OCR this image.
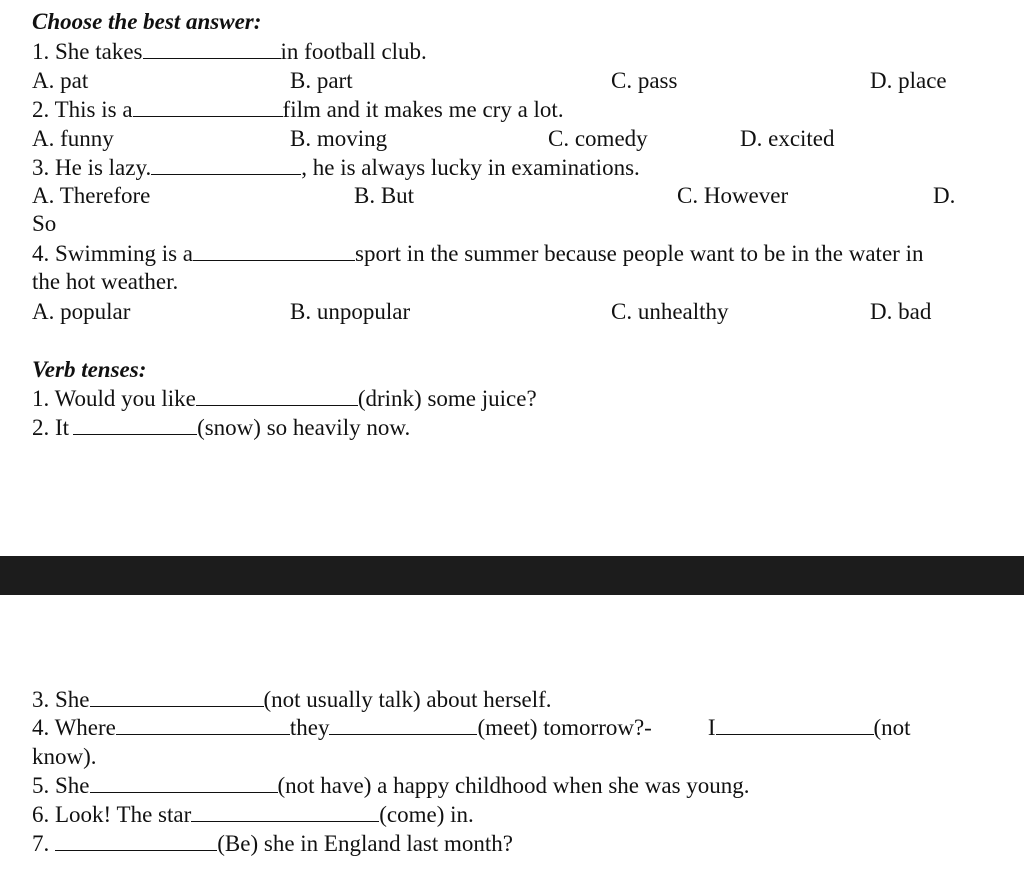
Choose the best answer:
1. She takes	in football club.
A. pat	B. part	C. pass	D. place
2. This is a	film and it makes me cry a lot.
A. funny	B. moving	C. comedy	D. excited
3. He is lazy.	, he is always lucky in examinations.
A. Therefore	B. But	C. However	D.
So
4. Swimming is a	sport in the summer because people want to be in the water in
the hot weather.
A. popular	B. unpopular	C. unhealthy	D. bad
Verb tenses:
1. Would you like	(drink) some juice?
2. It	(snow) so heavily now.
3. She	(not usually talk) about herself.
4. Where	they	(meet) tomorrow?- I	(not
know).
5. She	(not have) a happy childhood when she was young.
6. Look! The star	(come) in.
7.	(Be) she in England last month?
